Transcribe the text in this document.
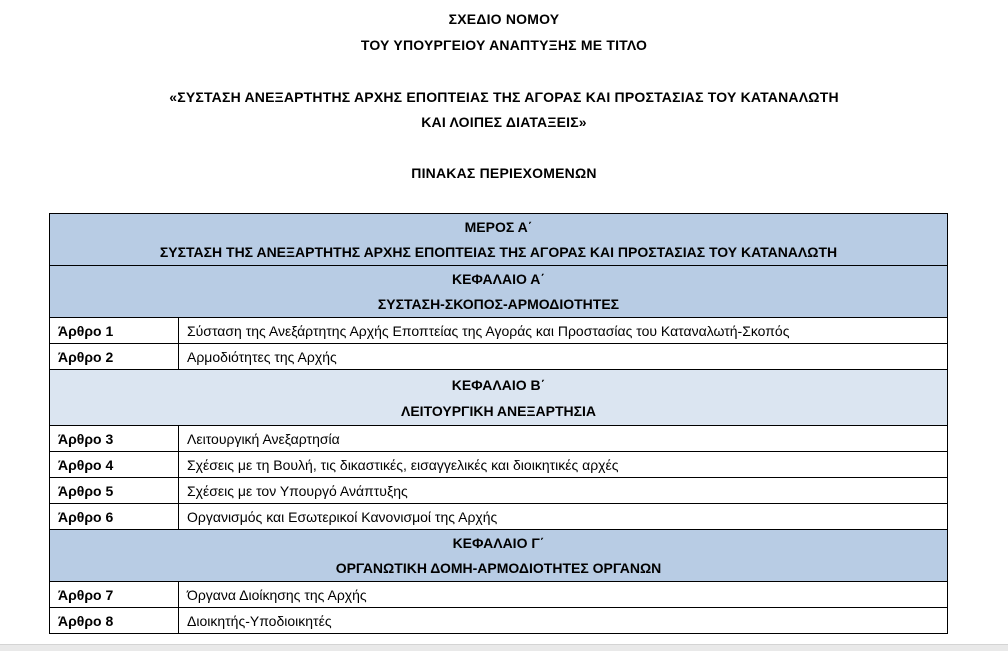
ΣΧΕΔΙΟ ΝΟΜΟΥ
ΤΟΥ ΥΠΟΥΡΓΕΙΟΥ ΑΝΑΠΤΥΞΗΣ ΜΕ ΤΙΤΛΟ
«ΣΥΣΤΑΣΗ ΑΝΕΞΑΡΤΗΤΗΣ ΑΡΧΗΣ ΕΠΟΠΤΕΙΑΣ ΤΗΣ ΑΓΟΡΑΣ ΚΑΙ ΠΡΟΣΤΑΣΙΑΣ ΤΟΥ ΚΑΤΑΝΑΛΩΤΗ
ΚΑΙ ΛΟΙΠΕΣ ΔΙΑΤΑΞΕΙΣ»
ΠΙΝΑΚΑΣ ΠΕΡΙΕΧΟΜΕΝΩΝ
ΜΕΡΟΣ Α΄
ΣΥΣΤΑΣΗ ΤΗΣ ΑΝΕΞΑΡΤΗΤΗΣ ΑΡΧΗΣ ΕΠΟΠΤΕΙΑΣ ΤΗΣ ΑΓΟΡΑΣ ΚΑΙ ΠΡΟΣΤΑΣΙΑΣ ΤΟΥ ΚΑΤΑΝΑΛΩΤΗ	

ΚΕΦΑΛΑΙΟ Α΄
ΣΥΣΤΑΣΗ-ΣΚΟΠΟΣ-ΑΡΜΟΔΙΟΤΗΤΕΣ	

Άρθρο 1	Σύσταση της Ανεξάρτητης Αρχής Εποπτείας της Αγοράς και Προστασίας του Καταναλωτή-Σκοπός
Άρθρο 2	Αρμοδιότητες της Αρχής

ΚΕΦΑΛΑΙΟ Β΄
ΛΕΙΤΟΥΡΓΙΚΗ ΑΝΕΞΑΡΤΗΣΙΑ	

Άρθρο 3	Λειτουργική Ανεξαρτησία
Άρθρο 4	Σχέσεις με τη Βουλή, τις δικαστικές, εισαγγελικές και διοικητικές αρχές
Άρθρο 5	Σχέσεις με τον Υπουργό Ανάπτυξης
Άρθρο 6	Οργανισμός και Εσωτερικοί Κανονισμοί της Αρχής

ΚΕΦΑΛΑΙΟ Γ΄
ΟΡΓΑΝΩΤΙΚΗ ΔΟΜΗ-ΑΡΜΟΔΙΟΤΗΤΕΣ ΟΡΓΑΝΩΝ	

Άρθρο 7	Όργανα Διοίκησης της Αρχής
Άρθρο 8	Διοικητής-Υποδιοικητές
